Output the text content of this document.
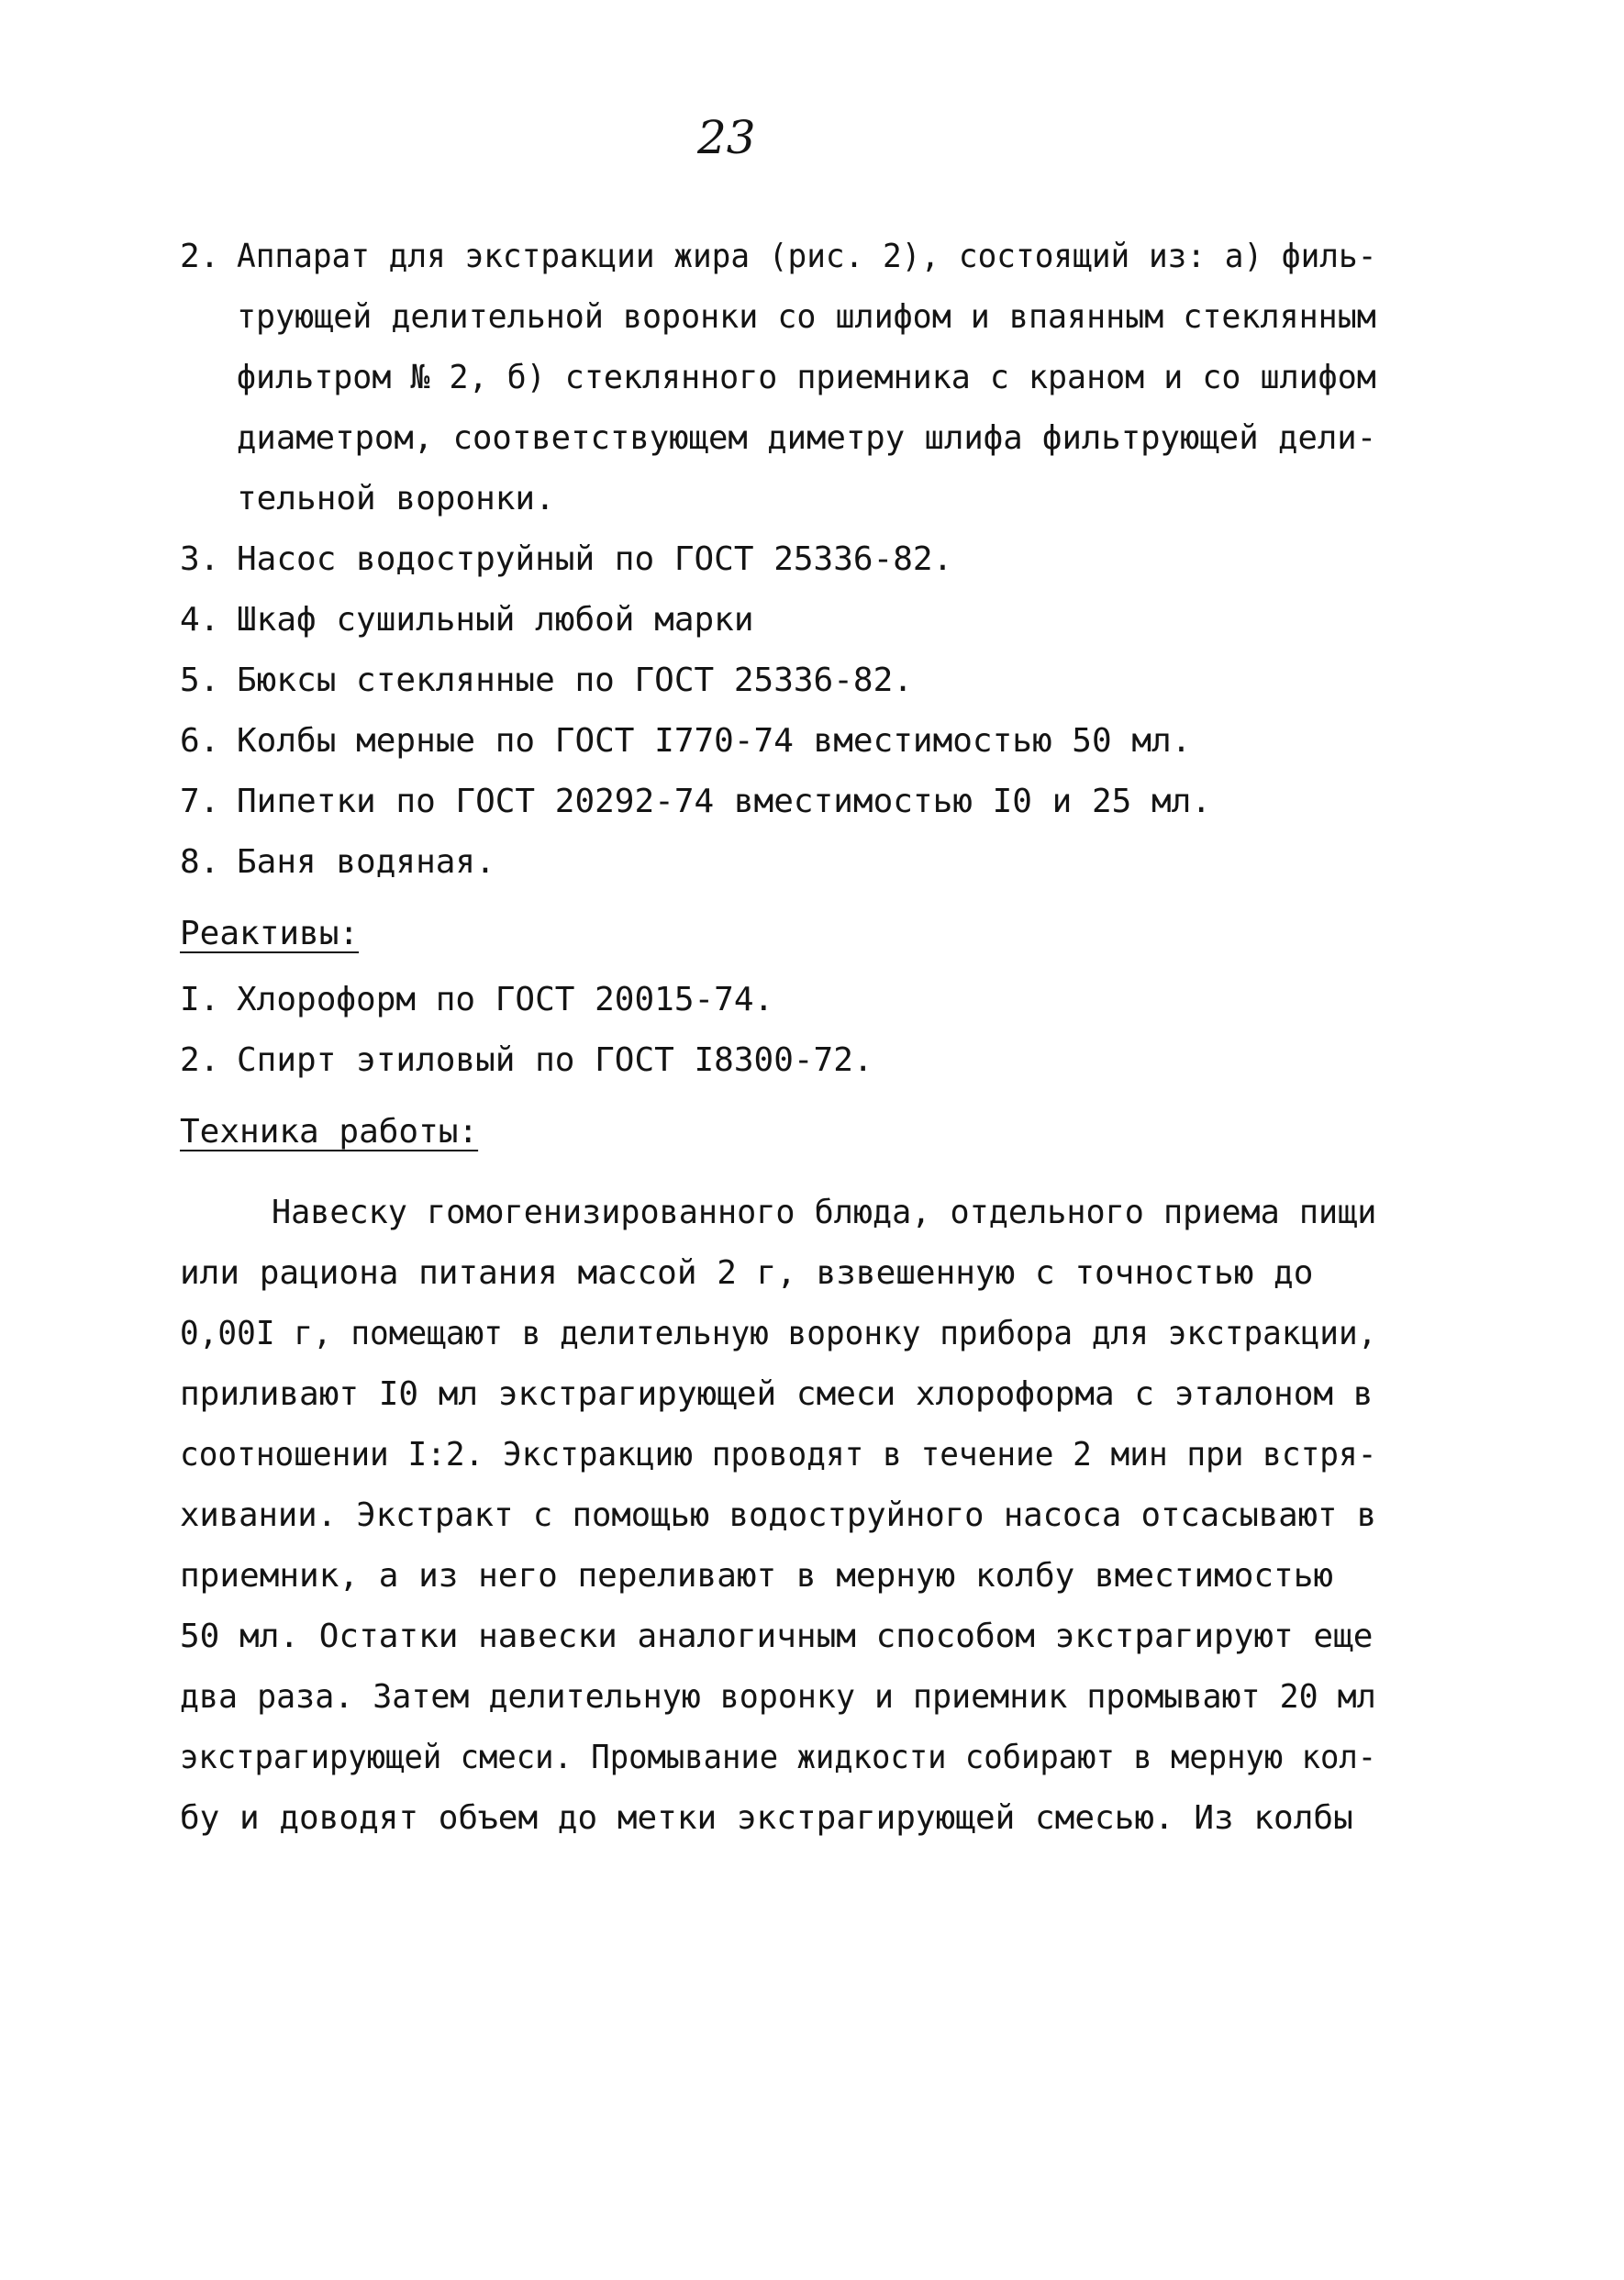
23
2. Аппарат для экстракции жира (рис. 2), состоящий из: а) филь-
трующей делительной воронки со шлифом и впаянным стеклянным
фильтром № 2, б) стеклянного приемника с краном и со шлифом
диаметром, соответствующем диметру шлифа фильтрующей дели-
тельной воронки.
3. Насос водоструйный по ГОСТ 25336-82.
4. Шкаф сушильный любой марки
5. Бюксы стеклянные по ГОСТ 25336-82.
6. Колбы мерные по ГОСТ I770-74 вместимостью 50 мл.
7. Пипетки по ГОСТ 20292-74 вместимостью I0 и 25 мл.
8. Баня водяная.
Реактивы:
I. Хлороформ по ГОСТ 20015-74.
2. Спирт этиловый по ГОСТ I8300-72.
Техника работы:
Навеску гомогенизированного блюда, отдельного приема пищи
или рациона питания массой 2 г, взвешенную с точностью до
0,00I г, помещают в делительную воронку прибора для экстракции,
приливают I0 мл экстрагирующей смеси хлороформа с эталоном в
соотношении I:2. Экстракцию проводят в течение 2 мин при встря-
хивании. Экстракт с помощью водоструйного насоса отсасывают в
приемник, а из него переливают в мерную колбу вместимостью
50 мл. Остатки навески аналогичным способом экстрагируют еще
два раза. Затем делительную воронку и приемник промывают 20 мл
экстрагирующей смеси. Промывание жидкости собирают в мерную кол-
бу и доводят объем до метки экстрагирующей смесью. Из колбы
